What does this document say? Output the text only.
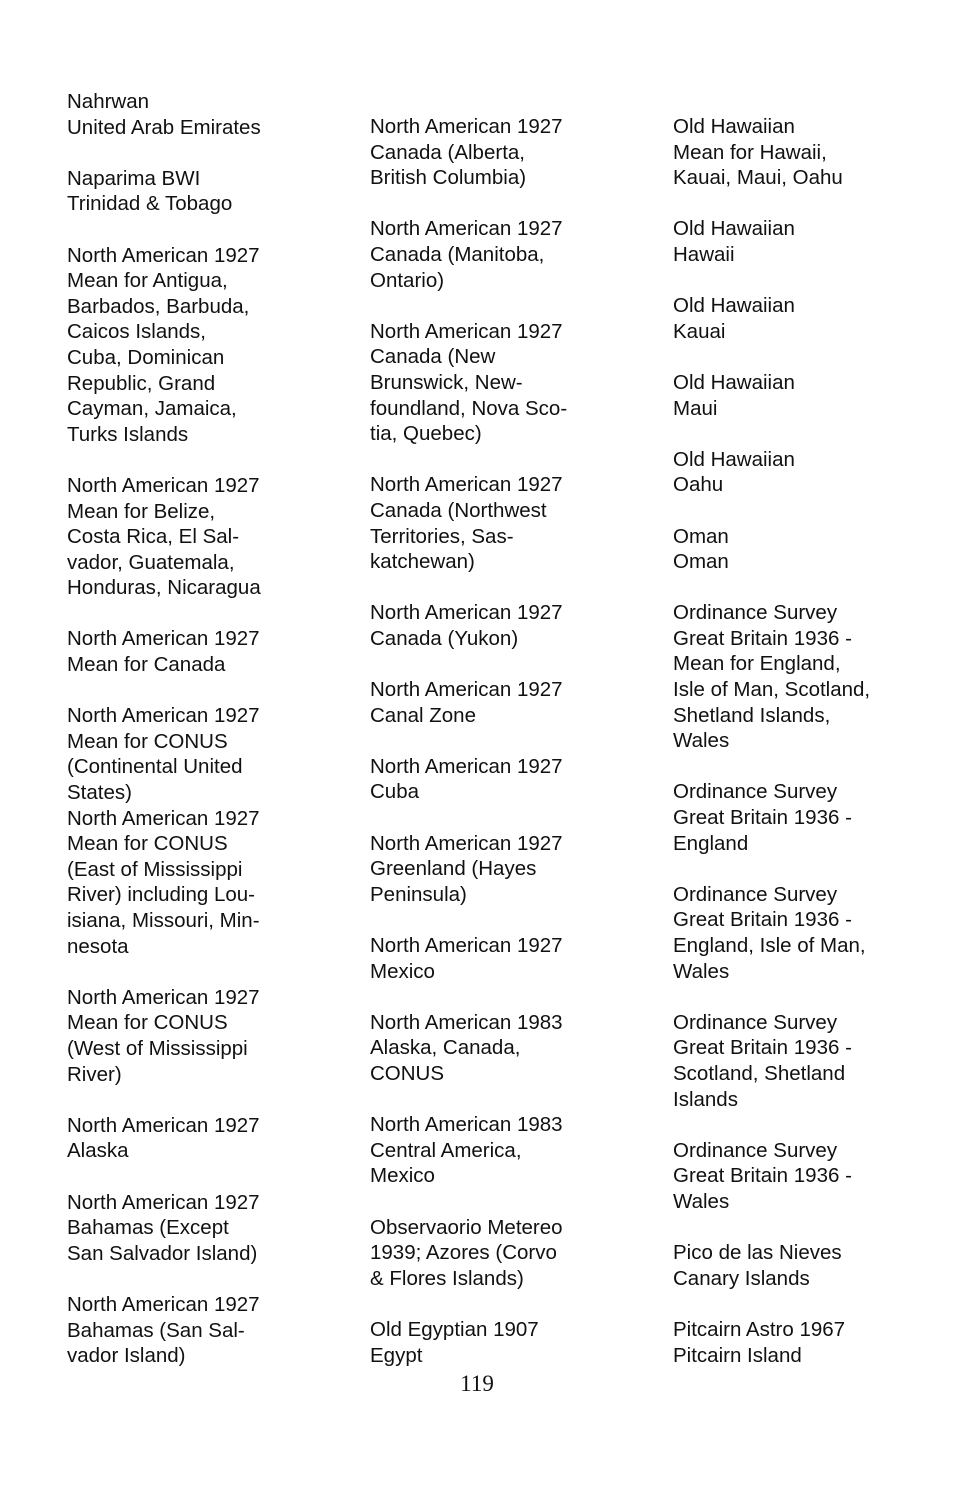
Nahrwan
United Arab Emirates
Naparima BWI
Trinidad & Tobago
North American 1927
Mean for Antigua,
Barbados, Barbuda,
Caicos Islands,
Cuba, Dominican
Republic, Grand
Cayman, Jamaica,
Turks Islands
North American 1927
Mean for Belize,
Costa Rica, El Sal-
vador, Guatemala,
Honduras, Nicaragua
North American 1927
Mean for Canada
North American 1927
Mean for CONUS
(Continental United
States)
North American 1927
Mean for CONUS
(East of Mississippi
River) including Lou-
isiana, Missouri, Min-
nesota
North American 1927
Mean for CONUS
(West of Mississippi
River)
North American 1927
Alaska
North American 1927
Bahamas (Except
San Salvador Island)
North American 1927
Bahamas (San Sal-
vador Island)
North American 1927
Canada (Alberta,
British Columbia)
North American 1927
Canada (Manitoba,
Ontario)
North American 1927
Canada (New
Brunswick, New-
foundland, Nova Sco-
tia, Quebec)
North American 1927
Canada (Northwest
Territories, Sas-
katchewan)
North American 1927
Canada (Yukon)
North American 1927
Canal Zone
North American 1927
Cuba
North American 1927
Greenland (Hayes
Peninsula)
North American 1927
Mexico
North American 1983
Alaska, Canada,
CONUS
North American 1983
Central America,
Mexico
Observaorio Metereo
1939; Azores (Corvo
& Flores Islands)
Old Egyptian 1907
Egypt
Old Hawaiian
Mean for Hawaii,
Kauai, Maui, Oahu
Old Hawaiian
Hawaii
Old Hawaiian
Kauai
Old Hawaiian
Maui
Old Hawaiian
Oahu
Oman
Oman
Ordinance Survey
Great Britain 1936 -
Mean for England,
Isle of Man, Scotland,
Shetland Islands,
Wales
Ordinance Survey
Great Britain 1936 -
England
Ordinance Survey
Great Britain 1936 -
England, Isle of Man,
Wales
Ordinance Survey
Great Britain 1936 -
Scotland, Shetland
Islands
Ordinance Survey
Great Britain 1936 -
Wales
Pico de las Nieves
Canary Islands
Pitcairn Astro 1967
Pitcairn Island
119
